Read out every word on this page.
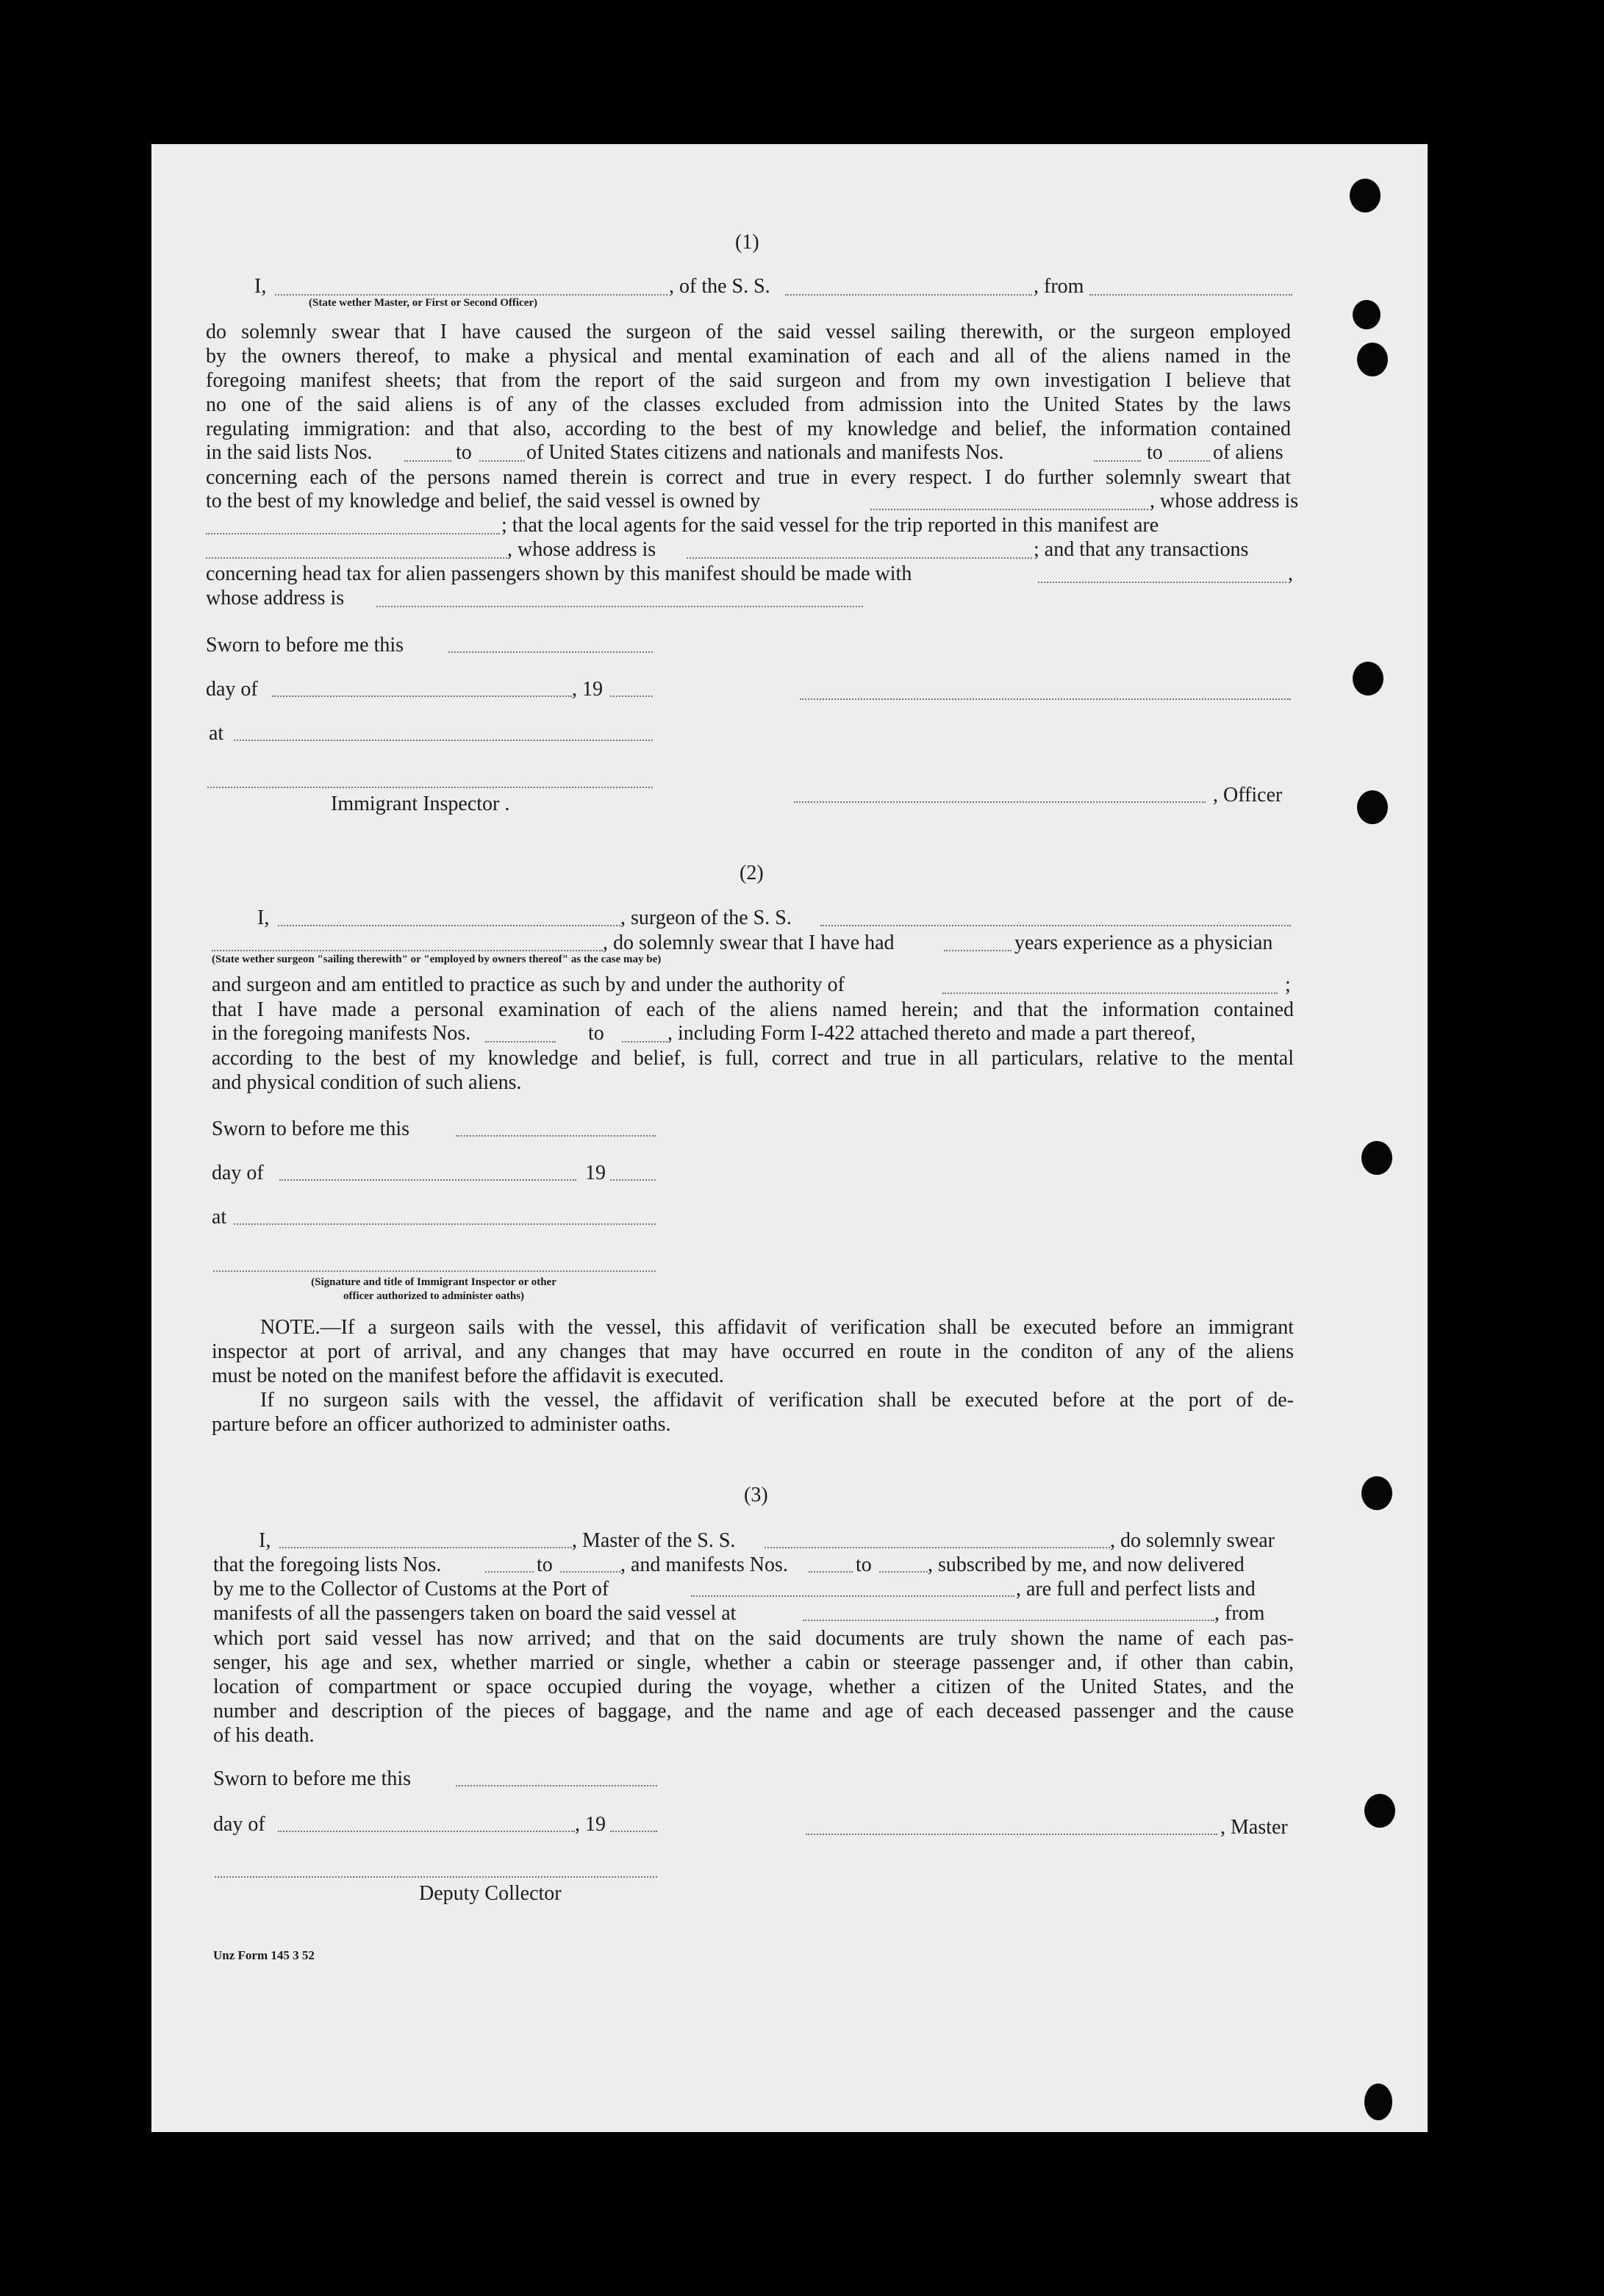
(1)
I,	, of the S. S.	, from
(State wether Master, or First or Second Officer)
do solemnly swear that I have caused the surgeon of the said vessel sailing therewith, or the surgeon employed
by the owners thereof, to make a physical and mental examination of each and all of the aliens named in the
foregoing manifest sheets; that from the report of the said surgeon and from my own investigation I believe that
no one of the said aliens is of any of the classes excluded from admission into the United States by the laws
regulating immigration: and that also, according to the best of my knowledge and belief, the information contained
in the said lists Nos.	to	of United States citizens and nationals and manifests Nos.	to of aliens
concerning each of the persons named therein is correct and true in every respect. I do further solemnly sweart that
to the best of my knowledge and belief, the said vessel is owned by	, whose address is
; that the local agents for the said vessel for the trip reported in this manifest are
, whose address is	; and that any transactions
concerning head tax for alien passengers shown by this manifest should be made with	,
whose address is
Sworn to before me this
day of	, 19
at
Immigrant Inspector .	, Officer
(2)
I,	, surgeon of the S. S.
, do solemnly swear that I have had	years experience as a physician
(State wether surgeon "sailing therewith" or "employed by owners thereof" as the case may be)
and surgeon and am entitled to practice as such by and under the authority of	;
that I have made a personal examination of each of the aliens named herein; and that the information contained
in the foregoing manifests Nos.	to	, including Form I-422 attached thereto and made a part thereof,
according to the best of my knowledge and belief, is full, correct and true in all particulars, relative to the mental
and physical condition of such aliens.
Sworn to before me this
day of	19
at
(Signature and title of Immigrant Inspector or other
officer authorized to administer oaths)
NOTE.—If a surgeon sails with the vessel, this affidavit of verification shall be executed before an immigrant
inspector at port of arrival, and any changes that may have occurred en route in the conditon of any of the aliens
must be noted on the manifest before the affidavit is executed.
If no surgeon sails with the vessel, the affidavit of verification shall be executed before at the port of de-
parture before an officer authorized to administer oaths.
(3)
I,	, Master of the S. S.	, do solemnly swear
that the foregoing lists Nos.	to	, and manifests Nos.	to	, subscribed by me, and now delivered
by me to the Collector of Customs at the Port of	, are full and perfect lists and
manifests of all the passengers taken on board the said vessel at	, from
which port said vessel has now arrived; and that on the said documents are truly shown the name of each pas-
senger, his age and sex, whether married or single, whether a cabin or steerage passenger and, if other than cabin,
location of compartment or space occupied during the voyage, whether a citizen of the United States, and the
number and description of the pieces of baggage, and the name and age of each deceased passenger and the cause
of his death.
Sworn to before me this
day of	, 19	, Master
Deputy Collector
Unz Form 145 3 52
